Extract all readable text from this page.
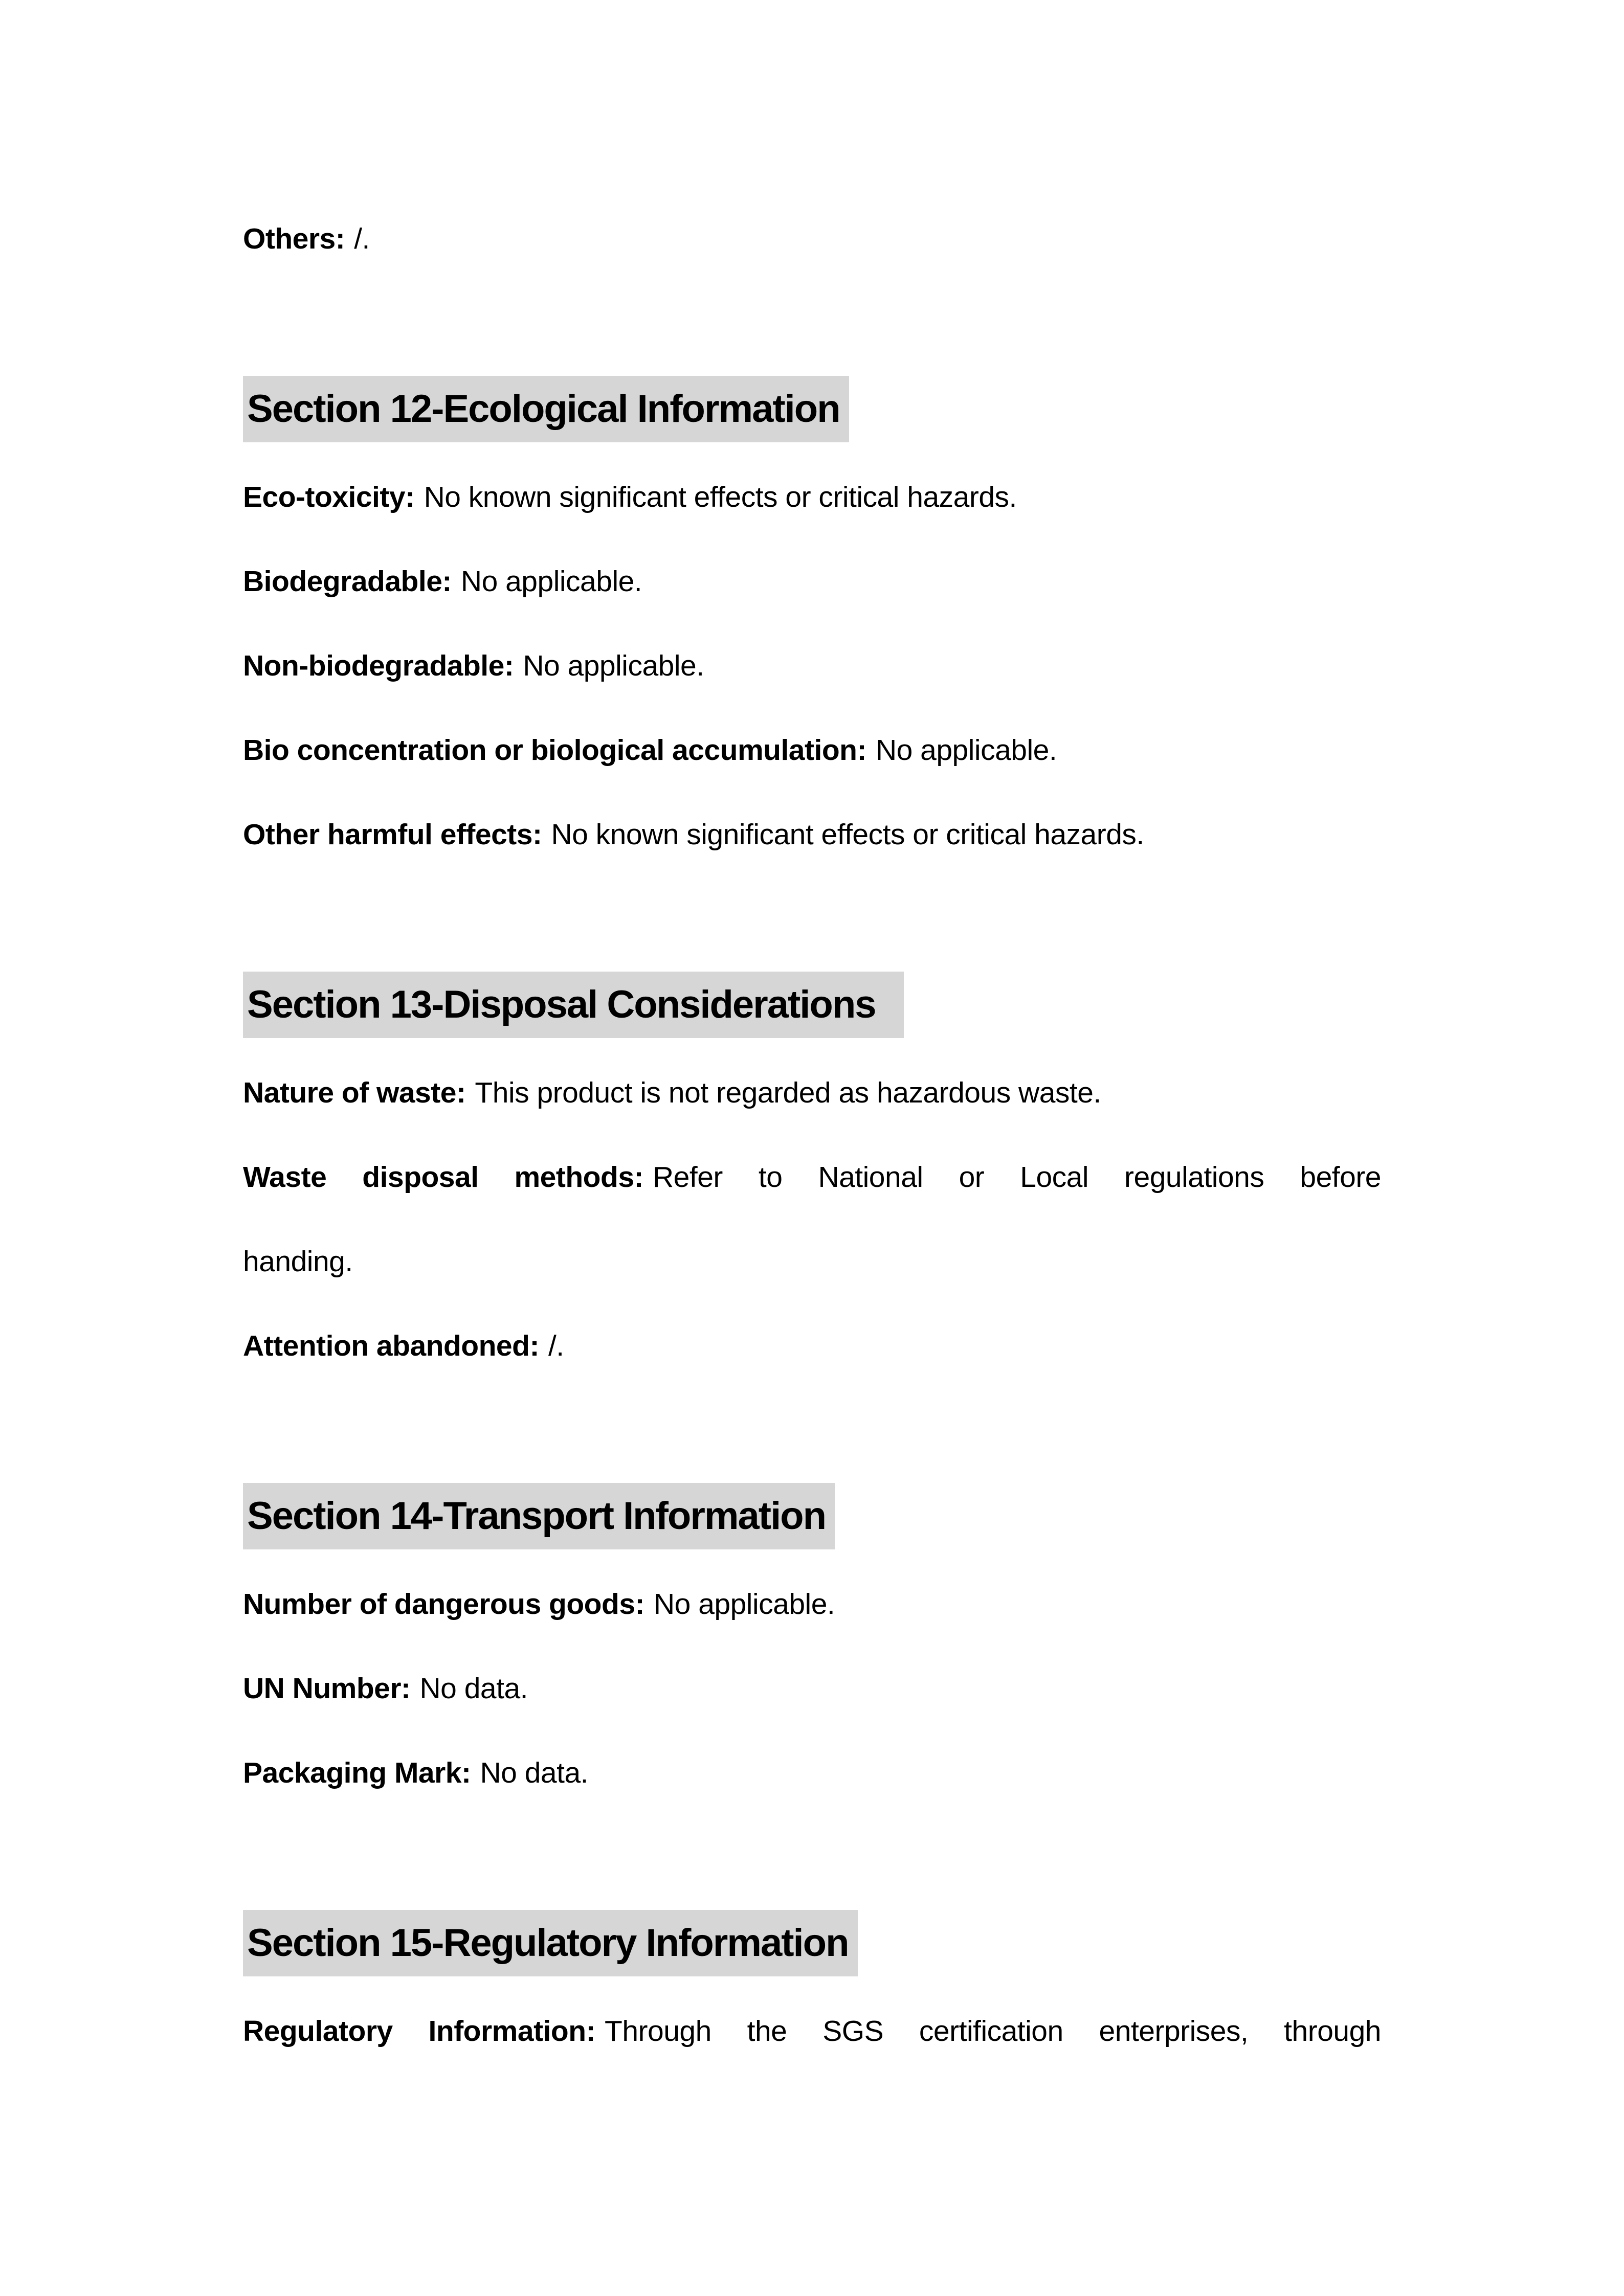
Others: /.

Section 12-Ecological Information

Eco-toxicity: No known significant effects or critical hazards.

Biodegradable: No applicable.

Non-biodegradable: No applicable.

Bio concentration or biological accumulation: No applicable.

Other harmful effects: No known significant effects or critical hazards.

Section 13-Disposal Considerations

Nature of waste: This product is not regarded as hazardous waste.

Waste disposal methods: Refer to National or Local regulations before

handing.

Attention abandoned: /.

Section 14-Transport Information

Number of dangerous goods: No applicable.

UN Number: No data.

Packaging Mark: No data.

Section 15-Regulatory Information

Regulatory Information: Through the SGS certification enterprises, through
